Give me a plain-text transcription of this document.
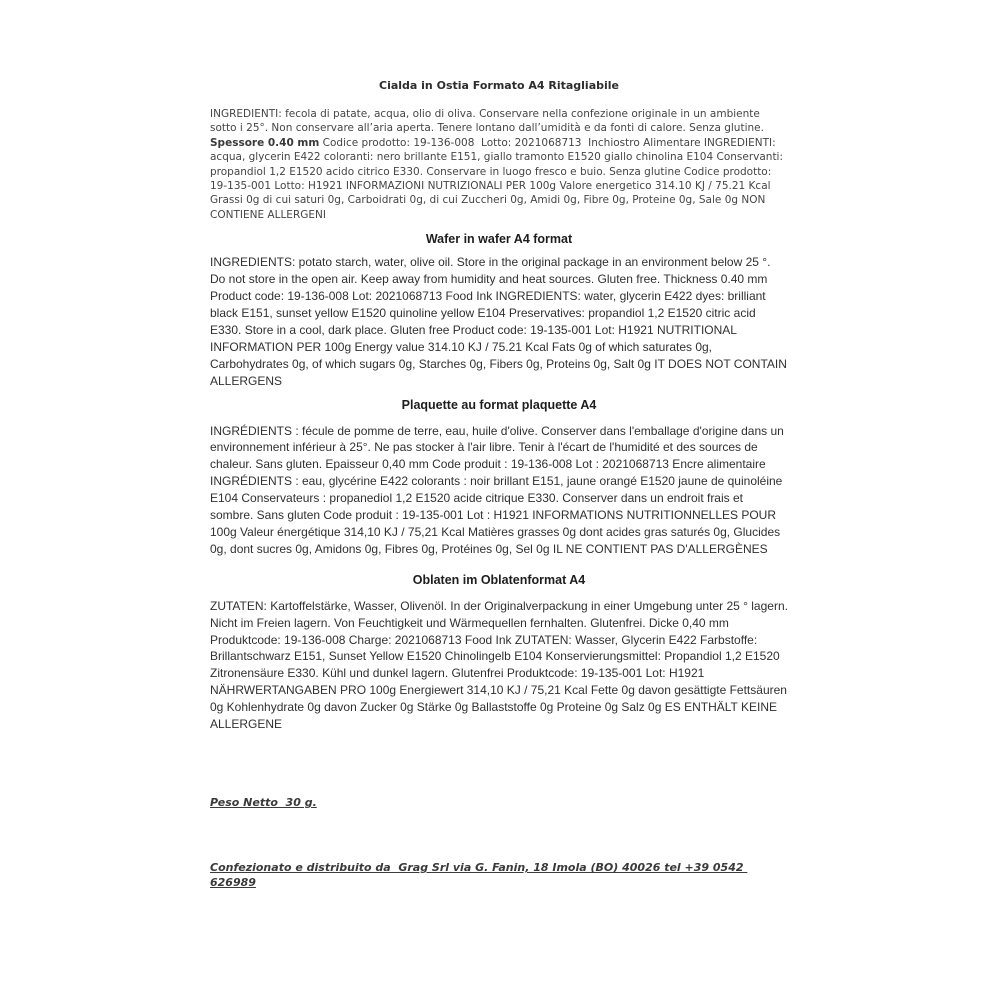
Cialda in Ostia Formato A4 Ritagliabile

INGREDIENTI: fecola di patate, acqua, olio di oliva. Conservare nella confezione originale in un ambiente sotto i 25°. Non conservare all’aria aperta. Tenere lontano dall’umidità e da fonti di calore. Senza glutine. Spessore 0.40 mm Codice prodotto: 19-136-008  Lotto: 2021068713  Inchiostro Alimentare INGREDIENTI: acqua, glycerin E422 coloranti: nero brillante E151, giallo tramonto E1520 giallo chinolina E104 Conservanti: propandiol 1,2 E1520 acido citrico E330. Conservare in luogo fresco e buio. Senza glutine Codice prodotto: 19-135-001 Lotto: H1921 INFORMAZIONI NUTRIZIONALI PER 100g Valore energetico 314.10 KJ / 75.21 Kcal Grassi 0g di cui saturi 0g, Carboidrati 0g, di cui Zuccheri 0g, Amidi 0g, Fibre 0g, Proteine 0g, Sale 0g NON CONTIENE ALLERGENI

Wafer in wafer A4 format

INGREDIENTS: potato starch, water, olive oil. Store in the original package in an environment below 25 °. Do not store in the open air. Keep away from humidity and heat sources. Gluten free. Thickness 0.40 mm Product code: 19-136-008 Lot: 2021068713 Food Ink INGREDIENTS: water, glycerin E422 dyes: brilliant black E151, sunset yellow E1520 quinoline yellow E104 Preservatives: propandiol 1,2 E1520 citric acid E330. Store in a cool, dark place. Gluten free Product code: 19-135-001 Lot: H1921 NUTRITIONAL INFORMATION PER 100g Energy value 314.10 KJ / 75.21 Kcal Fats 0g of which saturates 0g, Carbohydrates 0g, of which sugars 0g, Starches 0g, Fibers 0g, Proteins 0g, Salt 0g IT DOES NOT CONTAIN ALLERGENS

Plaquette au format plaquette A4

INGRÉDIENTS : fécule de pomme de terre, eau, huile d'olive. Conserver dans l'emballage d'origine dans un environnement inférieur à 25°. Ne pas stocker à l'air libre. Tenir à l'écart de l'humidité et des sources de chaleur. Sans gluten. Epaisseur 0,40 mm Code produit : 19-136-008 Lot : 2021068713 Encre alimentaire INGRÉDIENTS : eau, glycérine E422 colorants : noir brillant E151, jaune orangé E1520 jaune de quinoléine E104 Conservateurs : propanediol 1,2 E1520 acide citrique E330. Conserver dans un endroit frais et sombre. Sans gluten Code produit : 19-135-001 Lot : H1921 INFORMATIONS NUTRITIONNELLES POUR 100g Valeur énergétique 314,10 KJ / 75,21 Kcal Matières grasses 0g dont acides gras saturés 0g, Glucides 0g, dont sucres 0g, Amidons 0g, Fibres 0g, Protéines 0g, Sel 0g IL NE CONTIENT PAS D'ALLERGÈNES

Oblaten im Oblatenformat A4

ZUTATEN: Kartoffelstärke, Wasser, Olivenöl. In der Originalverpackung in einer Umgebung unter 25 ° lagern. Nicht im Freien lagern. Von Feuchtigkeit und Wärmequellen fernhalten. Glutenfrei. Dicke 0,40 mm Produktcode: 19-136-008 Charge: 2021068713 Food Ink ZUTATEN: Wasser, Glycerin E422 Farbstoffe: Brillantschwarz E151, Sunset Yellow E1520 Chinolingelb E104 Konservierungsmittel: Propandiol 1,2 E1520 Zitronensäure E330. Kühl und dunkel lagern. Glutenfrei Produktcode: 19-135-001 Lot: H1921 NÄHRWERTANGABEN PRO 100g Energiewert 314,10 KJ / 75,21 Kcal Fette 0g davon gesättigte Fettsäuren 0g Kohlenhydrate 0g davon Zucker 0g Stärke 0g Ballaststoffe 0g Proteine 0g Salz 0g ES ENTHÄLT KEINE ALLERGENE

Peso Netto  30 g.

Confezionato e distribuito da  Grag Srl via G. Fanin, 18 Imola (BO) 40026 tel +39 0542 626989
